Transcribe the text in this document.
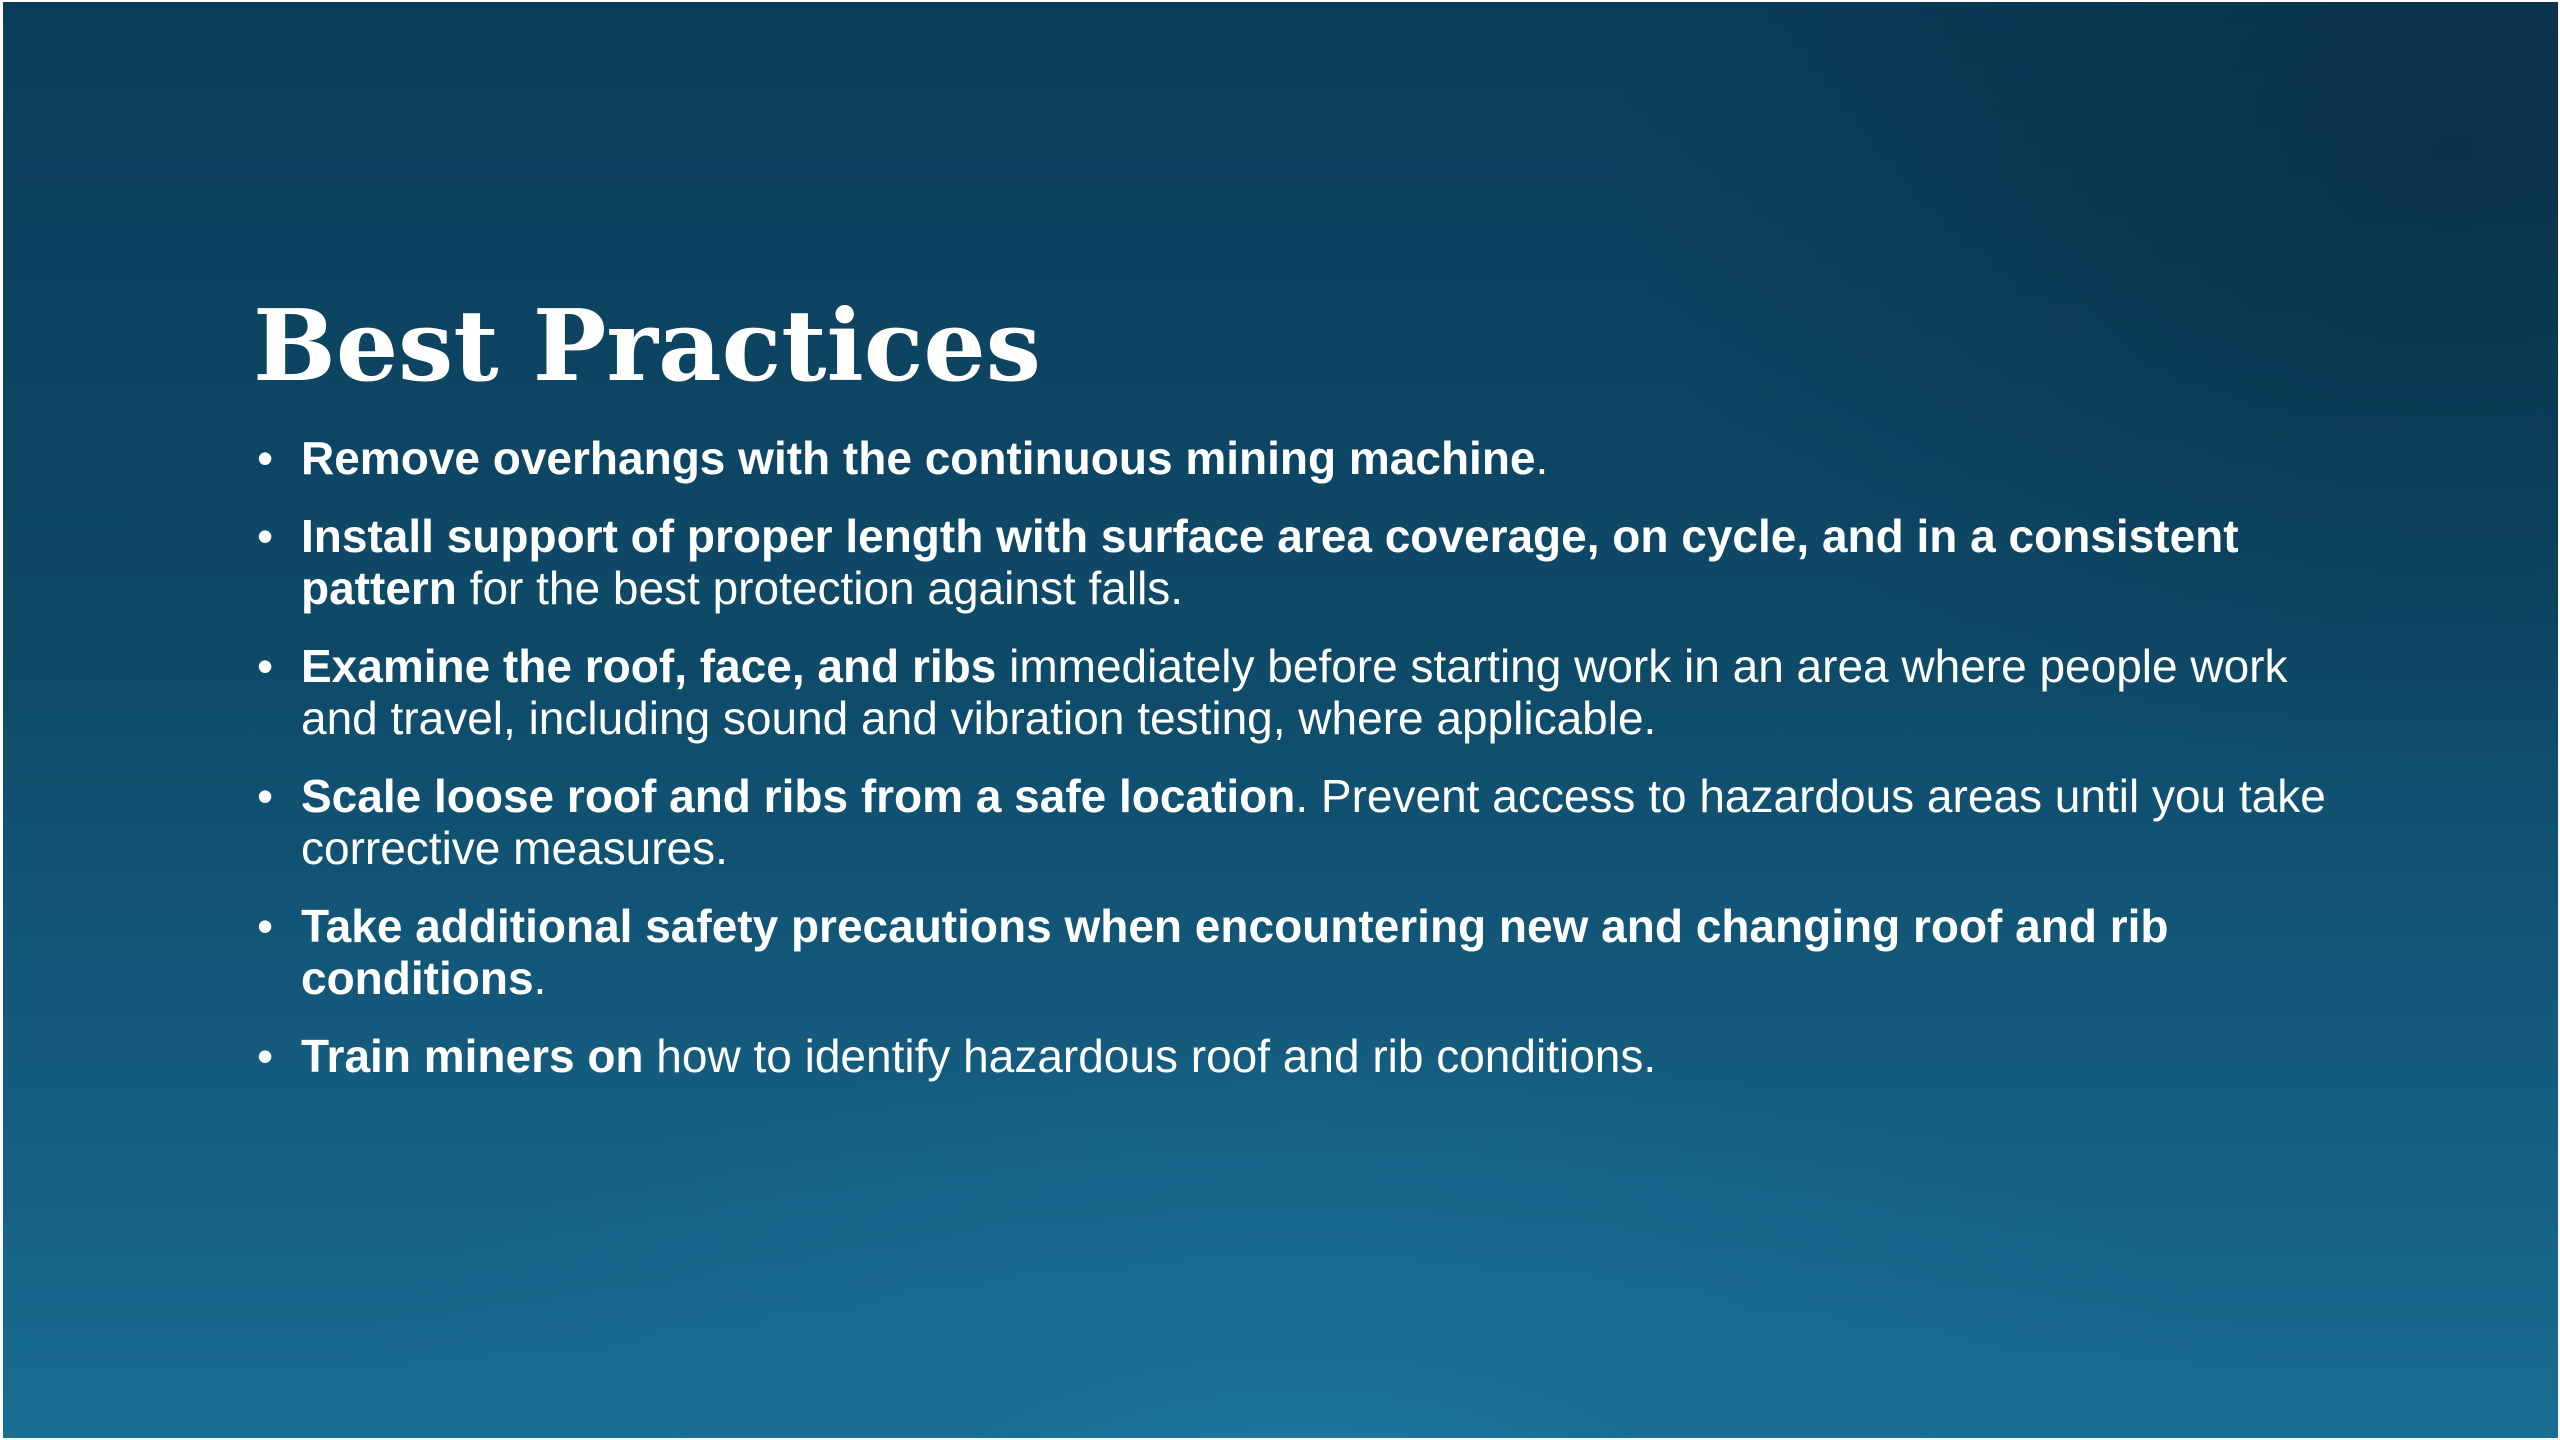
Best Practices
• Remove overhangs with the continuous mining machine.
• Install support of proper length with surface area coverage, on cycle, and in a consistent pattern for the best protection against falls.
• Examine the roof, face, and ribs immediately before starting work in an area where people work and travel, including sound and vibration testing, where applicable.
• Scale loose roof and ribs from a safe location. Prevent access to hazardous areas until you take corrective measures.
• Take additional safety precautions when encountering new and changing roof and rib conditions.
• Train miners on how to identify hazardous roof and rib conditions.
